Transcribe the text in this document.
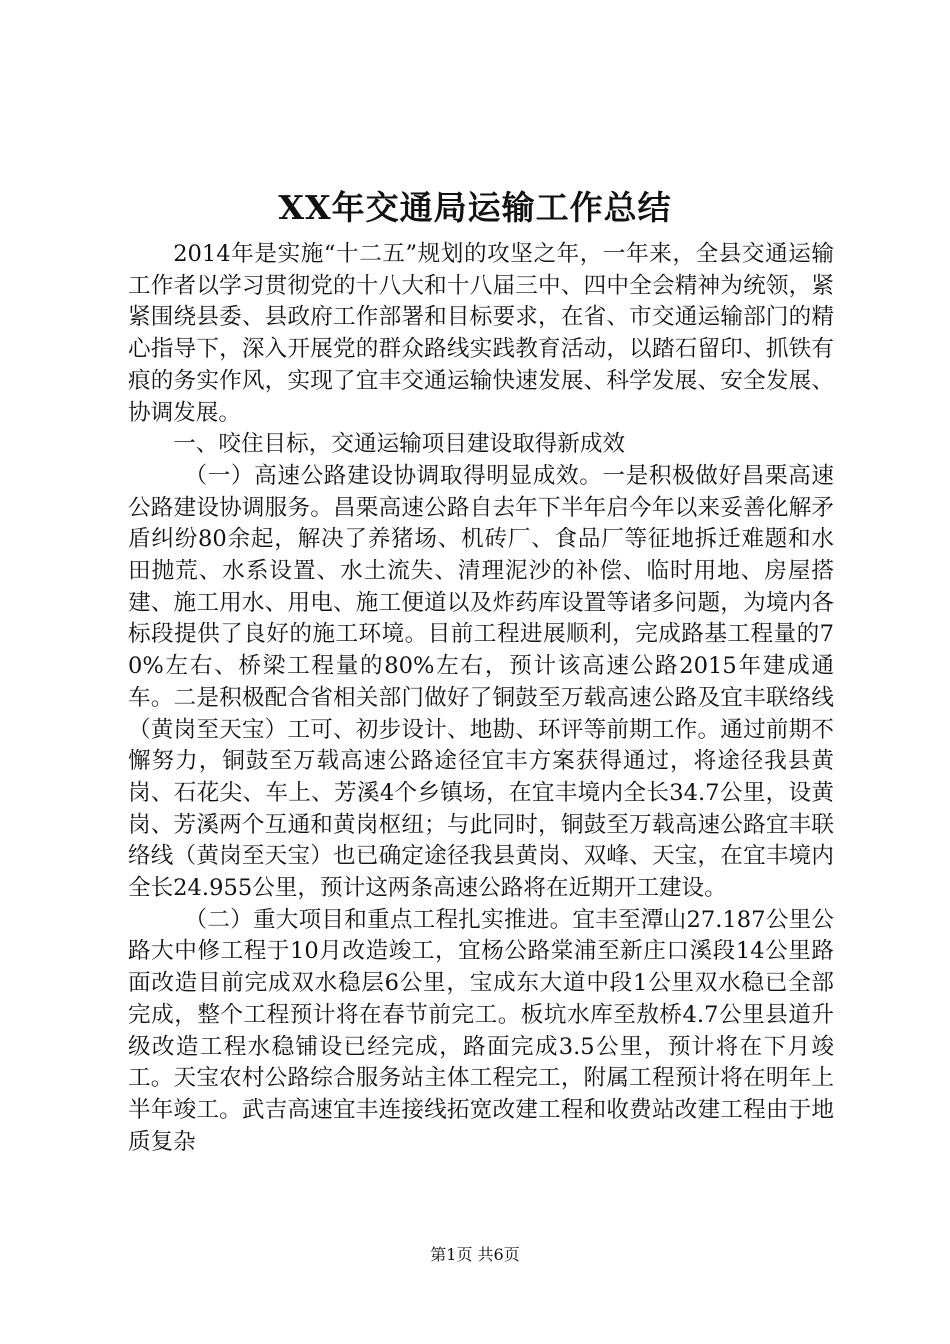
XX年交通局运输工作总结

2014年是实施“十二五”规划的攻坚之年，一年来，全县交通运输工作者以学习贯彻党的十八大和十八届三中、四中全会精神为统领，紧紧围绕县委、县政府工作部署和目标要求，在省、市交通运输部门的精心指导下，深入开展党的群众路线实践教育活动，以踏石留印、抓铁有痕的务实作风，实现了宜丰交通运输快速发展、科学发展、安全发展、协调发展。

一、咬住目标，交通运输项目建设取得新成效

（一）高速公路建设协调取得明显成效。一是积极做好昌栗高速公路建设协调服务。昌栗高速公路自去年下半年启今年以来妥善化解矛盾纠纷80余起，解决了养猪场、机砖厂、食品厂等征地拆迁难题和水田抛荒、水系设置、水土流失、清理泥沙的补偿、临时用地、房屋搭建、施工用水、用电、施工便道以及炸药库设置等诸多问题，为境内各标段提供了良好的施工环境。目前工程进展顺利，完成路基工程量的70%左右、桥梁工程量的80%左右，预计该高速公路2015年建成通车。二是积极配合省相关部门做好了铜鼓至万载高速公路及宜丰联络线（黄岗至天宝）工可、初步设计、地勘、环评等前期工作。通过前期不懈努力，铜鼓至万载高速公路途径宜丰方案获得通过，将途径我县黄岗、石花尖、车上、芳溪4个乡镇场，在宜丰境内全长34.7公里，设黄岗、芳溪两个互通和黄岗枢纽；与此同时，铜鼓至万载高速公路宜丰联络线（黄岗至天宝）也已确定途径我县黄岗、双峰、天宝，在宜丰境内全长24.955公里，预计这两条高速公路将在近期开工建设。

（二）重大项目和重点工程扎实推进。宜丰至潭山27.187公里公路大中修工程于10月改造竣工，宜杨公路棠浦至新庄口溪段14公里路面改造目前完成双水稳层6公里，宝成东大道中段1公里双水稳已全部完成，整个工程预计将在春节前完工。板坑水库至敖桥4.7公里县道升级改造工程水稳铺设已经完成，路面完成3.5公里，预计将在下月竣工。天宝农村公路综合服务站主体工程完工，附属工程预计将在明年上半年竣工。武吉高速宜丰连接线拓宽改建工程和收费站改建工程由于地质复杂

第1页 共6页
